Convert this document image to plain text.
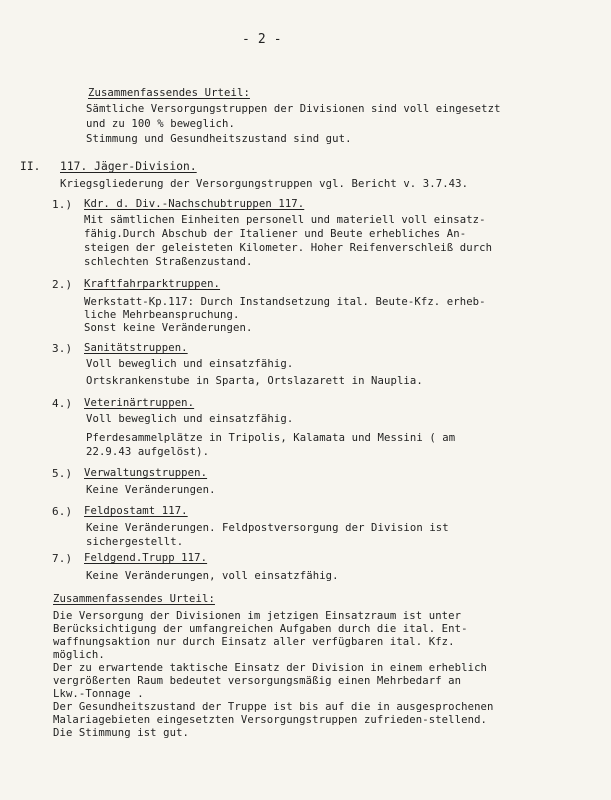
- 2 -
Zusammenfassendes Urteil:
Sämtliche Versorgungstruppen der Divisionen sind voll eingesetzt
und zu 100 % beweglich.
Stimmung und Gesundheitszustand sind gut.
II. 117. Jäger-Division.
Kriegsgliederung der Versorgungstruppen vgl. Bericht v. 3.7.43.
1.) Kdr. d. Div.-Nachschubtruppen 117.
Mit sämtlichen Einheiten personell und materiell voll einsatz-
fähig.Durch Abschub der Italiener und Beute erhebliches An-
steigen der geleisteten Kilometer. Hoher Reifenverschleiß durch
schlechten Straßenzustand.
2.) Kraftfahrparktruppen.
Werkstatt-Kp.117: Durch Instandsetzung ital. Beute-Kfz. erheb-
liche Mehrbeanspruchung.
Sonst keine Veränderungen.
3.) Sanitätstruppen.
Voll beweglich und einsatzfähig.
Ortskrankenstube in Sparta, Ortslazarett in Nauplia.
4.) Veterinärtruppen.
Voll beweglich und einsatzfähig.
Pferdesammelplätze in Tripolis, Kalamata und Messini ( am
22.9.43 aufgelöst).
5.) Verwaltungstruppen.
Keine Veränderungen.
6.) Feldpostamt 117.
Keine Veränderungen. Feldpostversorgung der Division ist
sichergestellt.
7.) Feldgend.Trupp 117.
Keine Veränderungen, voll einsatzfähig.
Zusammenfassendes Urteil:
Die Versorgung der Divisionen im jetzigen Einsatzraum ist unter
Berücksichtigung der umfangreichen Aufgaben durch die ital. Ent-
waffnungsaktion nur durch Einsatz aller verfügbaren ital. Kfz.
möglich.
Der zu erwartende taktische Einsatz der Division in einem erheblich
vergrößerten Raum bedeutet versorgungsmäßig einen Mehrbedarf an
Lkw.-Tonnage .
Der Gesundheitszustand der Truppe ist bis auf die in ausgesprochenen
Malariagebieten eingesetzten Versorgungstruppen zufrieden-stellend.
Die Stimmung ist gut.
